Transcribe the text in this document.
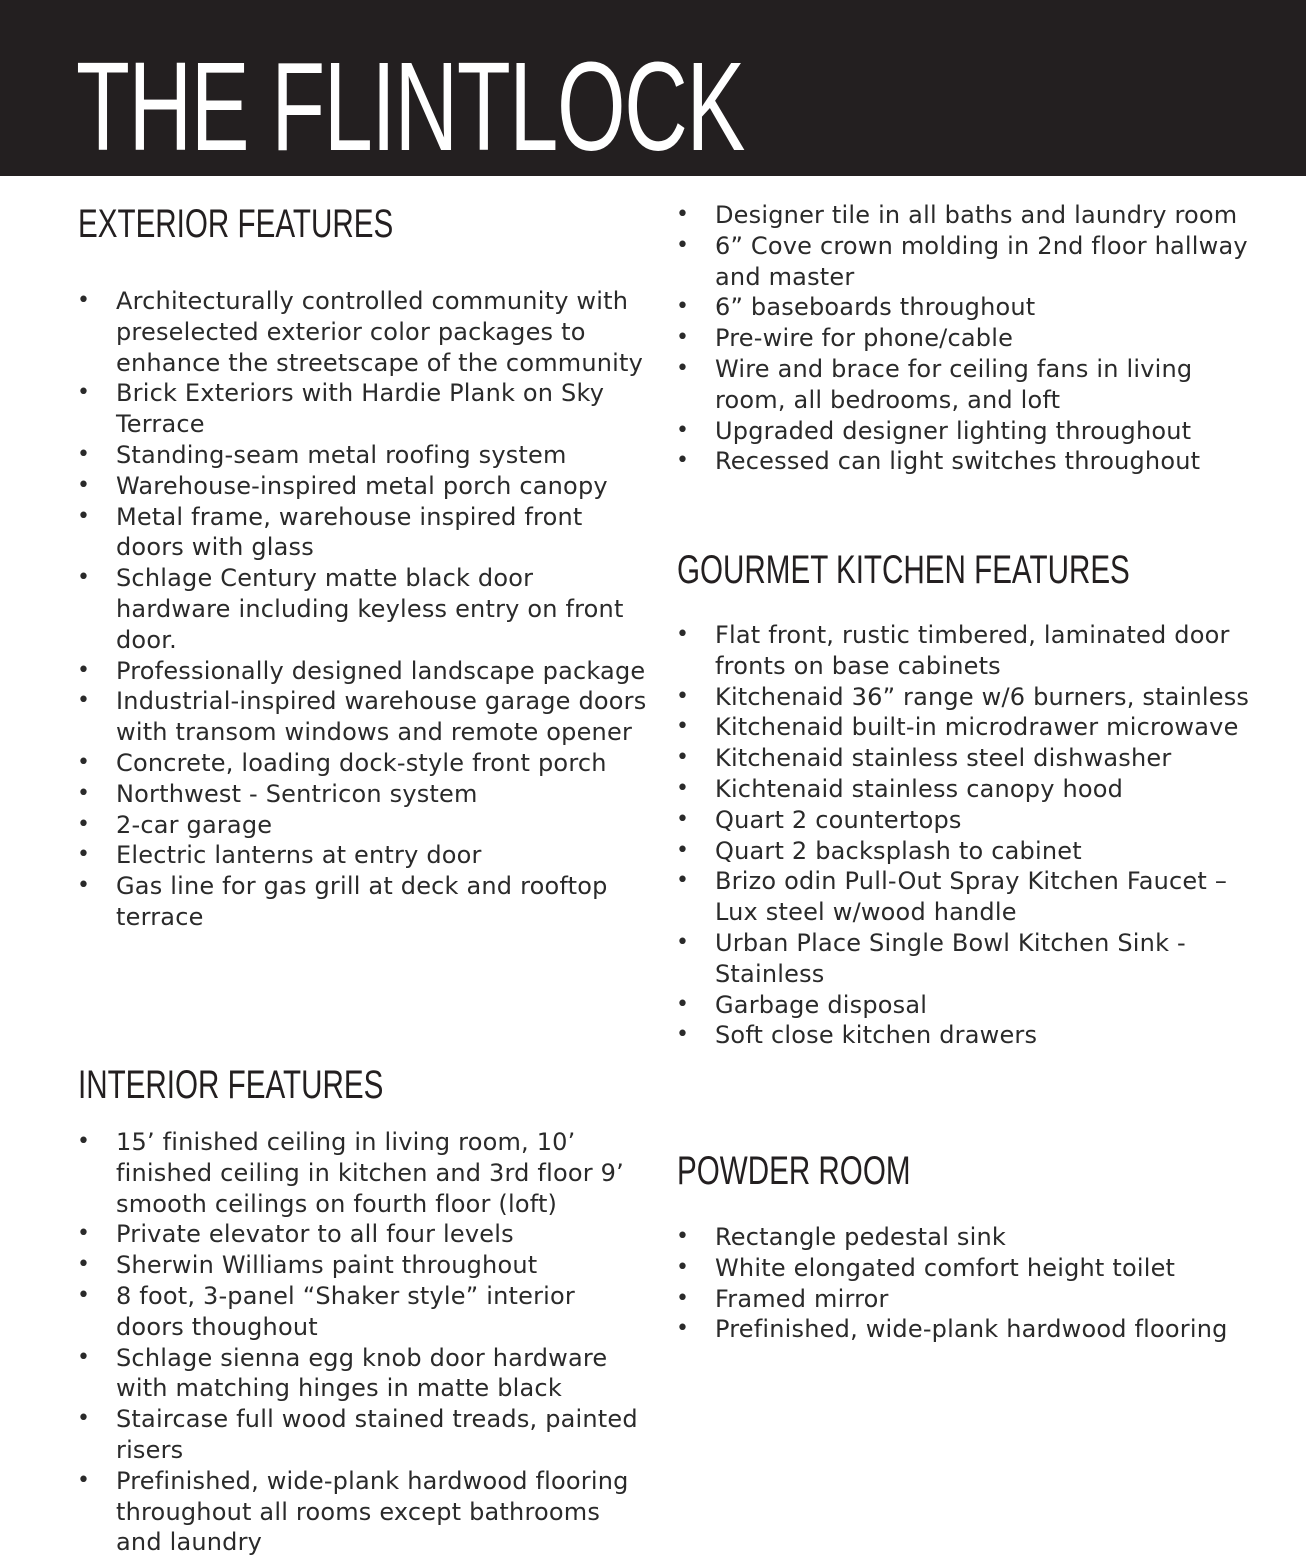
THE FLINTLOCK
EXTERIOR FEATURES
• Architecturally controlled community with preselected exterior color packages to enhance the streetscape of the community
• Brick Exteriors with Hardie Plank on Sky Terrace
• Standing-seam metal roofing system
• Warehouse-inspired metal porch canopy
• Metal frame, warehouse inspired front doors with glass
• Schlage Century matte black door hardware including keyless entry on front door.
• Professionally designed landscape package
• Industrial-inspired warehouse garage doors with transom windows and remote opener
• Concrete, loading dock-style front porch
• Northwest - Sentricon system
• 2-car garage
• Electric lanterns at entry door
• Gas line for gas grill at deck and rooftop terrace
INTERIOR FEATURES
• 15’ finished ceiling in living room, 10’ finished ceiling in kitchen and 3rd floor 9’ smooth ceilings on fourth floor (loft)
• Private elevator to all four levels
• Sherwin Williams paint throughout
• 8 foot, 3-panel “Shaker style” interior doors thoughout
• Schlage sienna egg knob door hardware with matching hinges in matte black
• Staircase full wood stained treads, painted risers
• Prefinished, wide-plank hardwood flooring throughout all rooms except bathrooms and laundry
• Designer tile in all baths and laundry room
• 6” Cove crown molding in 2nd floor hallway and master
• 6” baseboards throughout
• Pre-wire for phone/cable
• Wire and brace for ceiling fans in living room, all bedrooms, and loft
• Upgraded designer lighting throughout
• Recessed can light switches throughout
GOURMET KITCHEN FEATURES
• Flat front, rustic timbered, laminated door fronts on base cabinets
• Kitchenaid 36” range w/6 burners, stainless
• Kitchenaid built-in microdrawer microwave
• Kitchenaid stainless steel dishwasher
• Kichtenaid stainless canopy hood
• Quart 2 countertops
• Quart 2 backsplash to cabinet
• Brizo odin Pull-Out Spray Kitchen Faucet – Lux steel w/wood handle
• Urban Place Single Bowl Kitchen Sink - Stainless
• Garbage disposal
• Soft close kitchen drawers
POWDER ROOM
• Rectangle pedestal sink
• White elongated comfort height toilet
• Framed mirror
• Prefinished, wide-plank hardwood flooring
